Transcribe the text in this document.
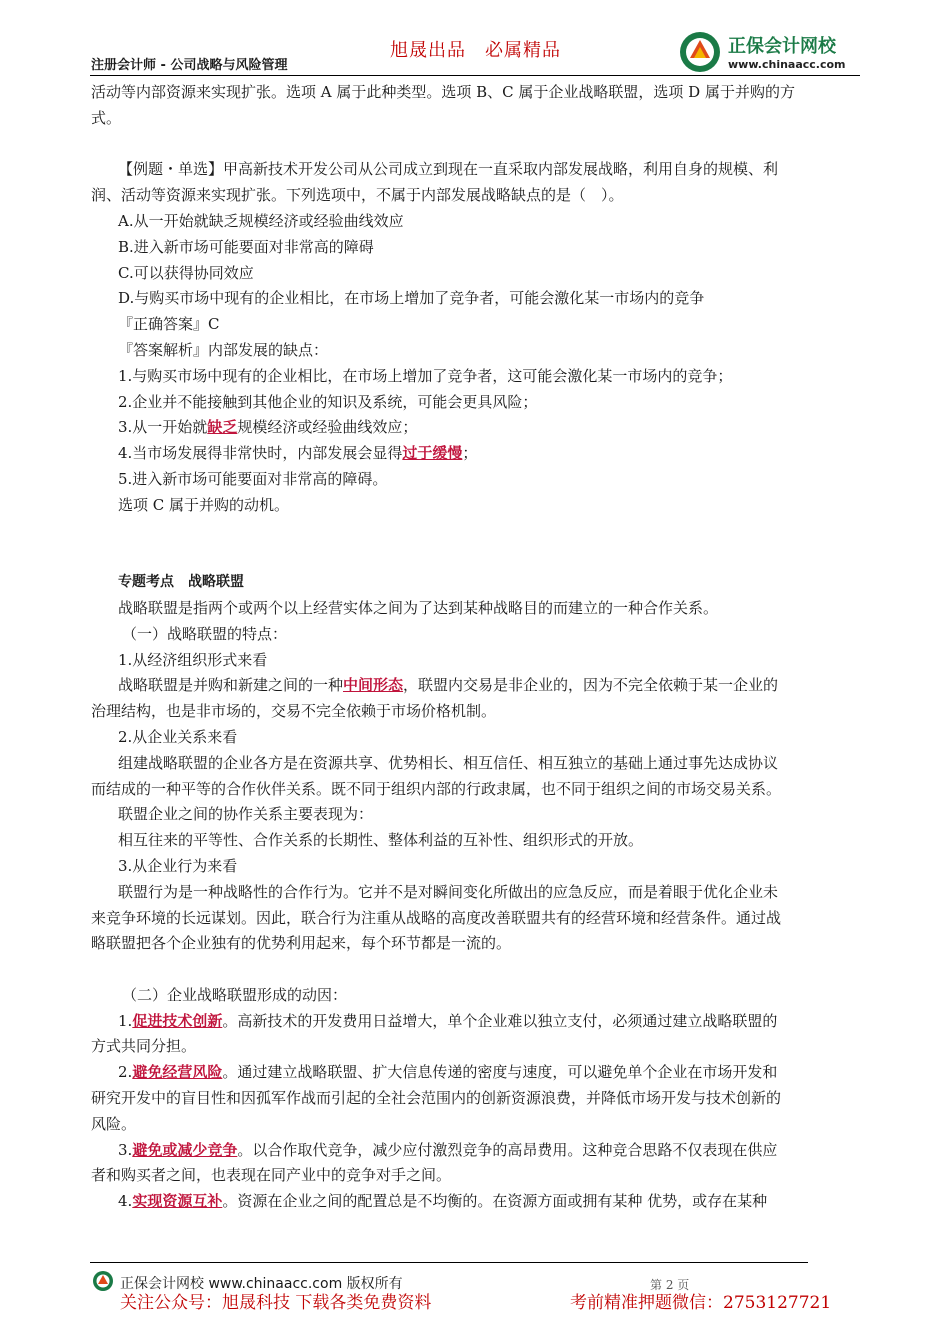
旭晟出品　必属精品
注册会计师 - 公司战略与风险管理
正保会计网校
www.chinaacc.com

活动等内部资源来实现扩张。选项 A 属于此种类型。选项 B、C 属于企业战略联盟，选项 D 属于并购的方

式。

【例题・单选】甲高新技术开发公司从公司成立到现在一直采取内部发展战略，利用自身的规模、利

润、活动等资源来实现扩张。下列选项中，不属于内部发展战略缺点的是（　）。

A.从一开始就缺乏规模经济或经验曲线效应

B.进入新市场可能要面对非常高的障碍

C.可以获得协同效应

D.与购买市场中现有的企业相比，在市场上增加了竞争者，可能会激化某一市场内的竞争

『正确答案』C

『答案解析』内部发展的缺点：

1.与购买市场中现有的企业相比，在市场上增加了竞争者，这可能会激化某一市场内的竞争；

2.企业并不能接触到其他企业的知识及系统，可能会更具风险；

3.从一开始就缺乏规模经济或经验曲线效应；

4.当市场发展得非常快时，内部发展会显得过于缓慢；

5.进入新市场可能要面对非常高的障碍。

选项 C 属于并购的动机。

专题考点　战略联盟

战略联盟是指两个或两个以上经营实体之间为了达到某种战略目的而建立的一种合作关系。

（一）战略联盟的特点：

1.从经济组织形式来看

战略联盟是并购和新建之间的一种中间形态，联盟内交易是非企业的，因为不完全依赖于某一企业的

治理结构，也是非市场的，交易不完全依赖于市场价格机制。

2.从企业关系来看

组建战略联盟的企业各方是在资源共享、优势相长、相互信任、相互独立的基础上通过事先达成协议

而结成的一种平等的合作伙伴关系。既不同于组织内部的行政隶属，也不同于组织之间的市场交易关系。

联盟企业之间的协作关系主要表现为：

相互往来的平等性、合作关系的长期性、整体利益的互补性、组织形式的开放。

3.从企业行为来看

联盟行为是一种战略性的合作行为。它并不是对瞬间变化所做出的应急反应，而是着眼于优化企业未

来竞争环境的长远谋划。因此，联合行为注重从战略的高度改善联盟共有的经营环境和经营条件。通过战

略联盟把各个企业独有的优势利用起来，每个环节都是一流的。

（二）企业战略联盟形成的动因：

1.促进技术创新。高新技术的开发费用日益增大，单个企业难以独立支付，必须通过建立战略联盟的

方式共同分担。

2.避免经营风险。通过建立战略联盟、扩大信息传递的密度与速度，可以避免单个企业在市场开发和

研究开发中的盲目性和因孤军作战而引起的全社会范围内的创新资源浪费，并降低市场开发与技术创新的

风险。

3.避免或减少竞争。以合作取代竞争，减少应付激烈竞争的高昂费用。这种竞合思路不仅表现在供应

者和购买者之间，也表现在同产业中的竞争对手之间。

4.实现资源互补。资源在企业之间的配置总是不均衡的。在资源方面或拥有某种 优势，或存在某种

正保会计网校 www.chinaacc.com 版权所有	第 2 页
关注公众号：旭晟科技 下载各类免费资料	考前精准押题微信：2753127721
